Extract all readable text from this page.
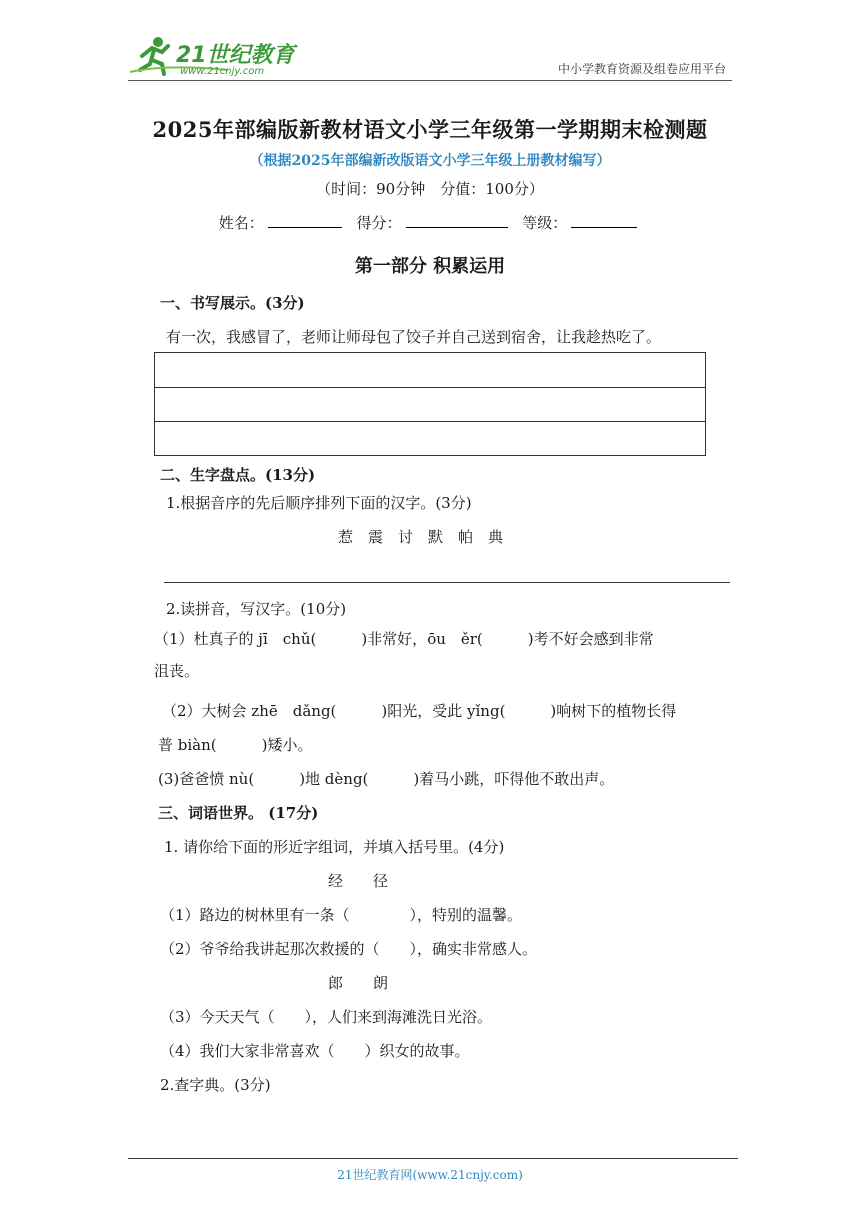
21世纪教育
www.21cnjy.com	中小学教育资源及组卷应用平台
2025年部编版新教材语文小学三年级第一学期期末检测题
（根据2025年部编新改版语文小学三年级上册教材编写）
（时间：90分钟　分值：100分）
姓名：	得分：	等级：
第一部分 积累运用
一、书写展示。(3分)
有一次，我感冒了，老师让师母包了饺子并自己送到宿舍，让我趁热吃了。
二、生字盘点。(13分)
1.根据音序的先后顺序排列下面的汉字。(3分)
惹　震　讨　默　帕　典
2.读拼音，写汉字。(10分)
（1）杜真子的 jī　chǔ(　　　)非常好，ōu　ěr(　　　)考不好会感到非常
沮丧。
（2）大树会 zhē　dǎng(　　　)阳光，受此 yǐng(　　　)响树下的植物长得
普 biàn(　　　)矮小。
(3)爸爸愤 nù(　　　)地 dèng(　　　)着马小跳，吓得他不敢出声。
三、词语世界。 (17分)
1. 请你给下面的形近字组词，并填入括号里。(4分)
经　　径
（1）路边的树林里有一条（　　　　），特别的温馨。
（2）爷爷给我讲起那次救援的（　　），确实非常感人。
郎　　朗
（3）今天天气（　　），人们来到海滩洗日光浴。
（4）我们大家非常喜欢（　　）织女的故事。
2.查字典。(3分)
21世纪教育网(www.21cnjy.com)
